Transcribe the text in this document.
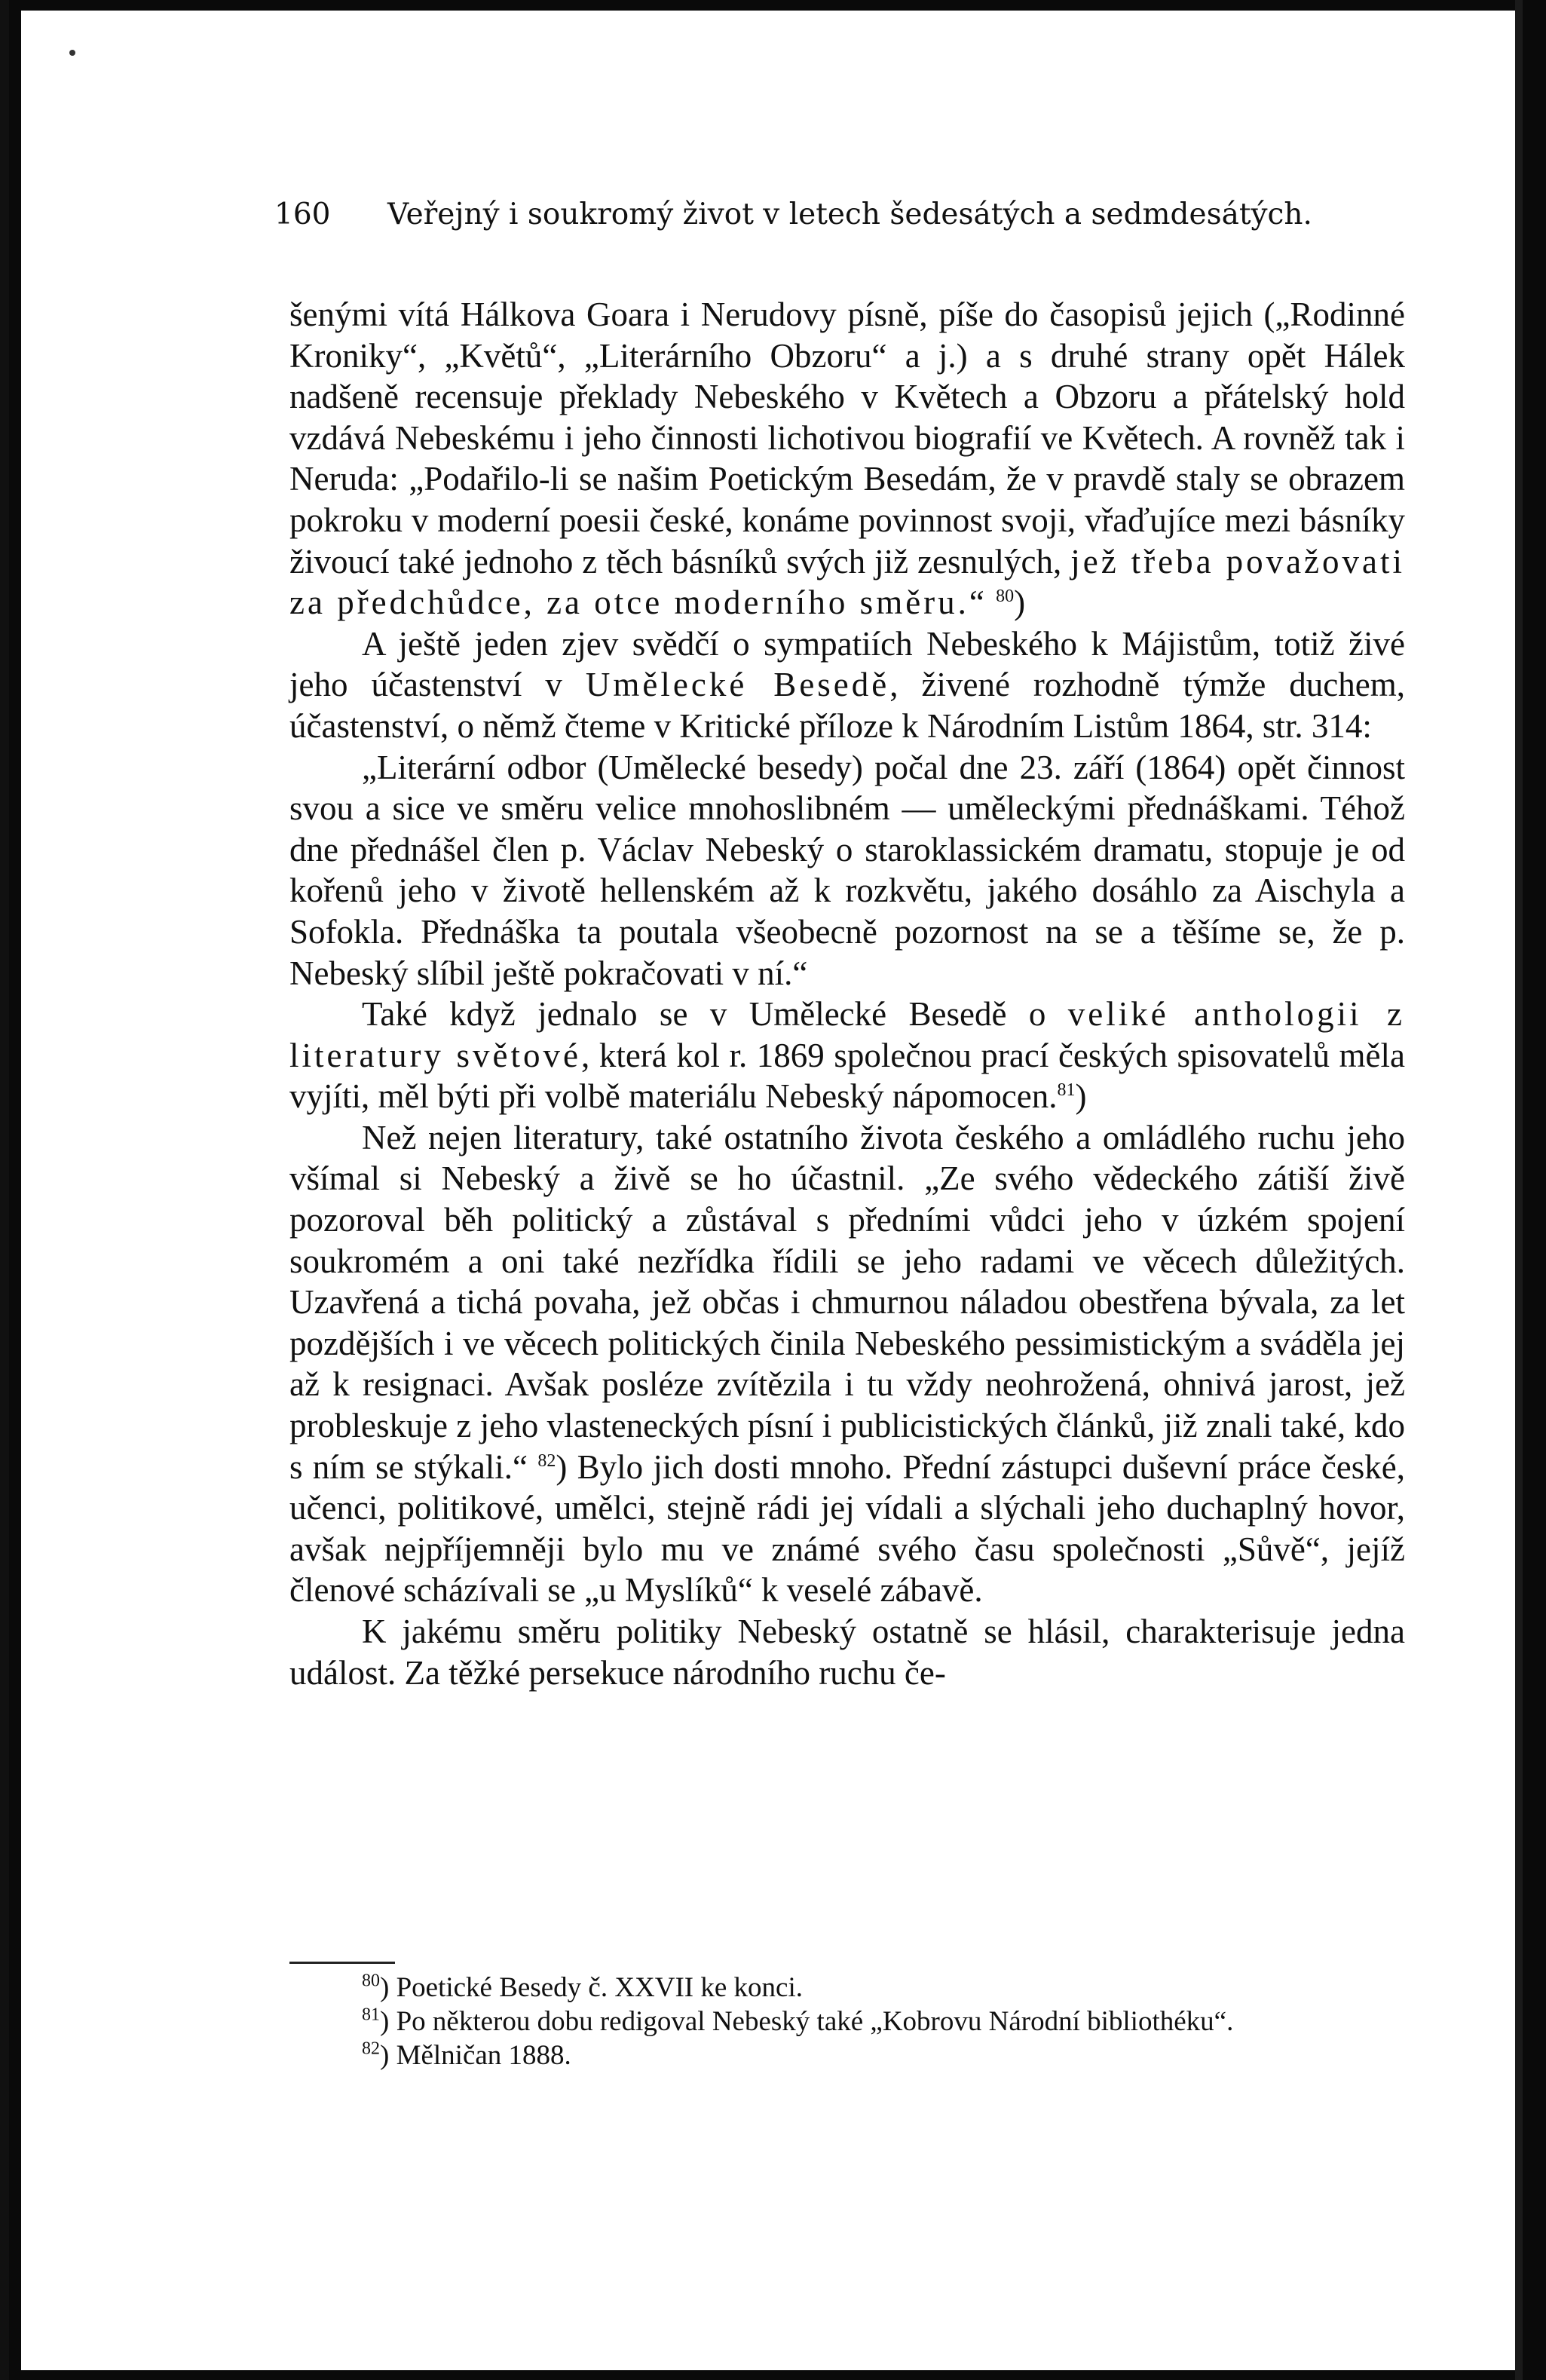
160 Veřejný i soukromý život v letech šedesátých a sedmdesátých.

šenými vítá Hálkova Goara i Nerudovy písně, píše do časopisů jejich („Rodinné Kroniky“, „Květů“, „Literárního Obzoru“ a j.) a s druhé strany opět Hálek nadšeně recensuje překlady Nebeského v Květech a Obzoru a přátelský hold vzdává Nebeskému i jeho činnosti lichotivou biografií ve Květech. A rovněž tak i Neruda: „Podařilo-li se našim Poetickým Besedám, že v pravdě staly se obrazem pokroku v moderní poesii české, konáme povinnost svoji, vřaďujíce mezi básníky živoucí také jednoho z těch básníků svých již zesnulých, jež třeba považovati za předchůdce, za otce moderního směru.“ $^{80}$)

A ještě jeden zjev svědčí o sympatiích Nebeského k Májistům, totiž živé jeho účastenství v Umělecké Besedě, živené rozhodně týmže duchem, účastenství, o němž čteme v Kritické příloze k Národním Listům 1864, str. 314:

„Literární odbor (Umělecké besedy) počal dne 23. září (1864) opět činnost svou a sice ve směru velice mnohoslibném — uměleckými přednáškami. Téhož dne přednášel člen p. Václav Nebeský o staroklassickém dramatu, stopuje je od kořenů jeho v životě hellenském až k rozkvětu, jakého dosáhlo za Aischyla a Sofokla. Přednáška ta poutala všeobecně pozornost na se a těšíme se, že p. Nebeský slíbil ještě pokračovati v ní.“

Také když jednalo se v Umělecké Besedě o veliké anthologii z literatury světové, která kol r. 1869 společnou prací českých spisovatelů měla vyjíti, měl býti při volbě materiálu Nebeský nápomocen.$^{81}$)

Než nejen literatury, také ostatního života českého a omládlého ruchu jeho všímal si Nebeský a živě se ho účastnil. „Ze svého vědeckého zátiší živě pozoroval běh politický a zůstával s předními vůdci jeho v úzkém spojení soukromém a oni také nezřídka řídili se jeho radami ve věcech důležitých. Uzavřená a tichá povaha, jež občas i chmurnou náladou obestřena bývala, za let pozdějších i ve věcech politických činila Nebeského pessimistickým a sváděla jej až k resignaci. Avšak posléze zvítězila i tu vždy neohrožená, ohnivá jarost, jež probleskuje z jeho vlasteneckých písní i publicistických článků, již znali také, kdo s ním se stýkali.“ $^{82}$) Bylo jich dosti mnoho. Přední zástupci duševní práce české, učenci, politikové, umělci, stejně rádi jej vídali a slýchali jeho duchaplný hovor, avšak nejpříjemněji bylo mu ve známé svého času společnosti „Sůvě“, jejíž členové scházívali se „u Myslíků“ k veselé zábavě.

K jakému směru politiky Nebeský ostatně se hlásil, charakterisuje jedna událost. Za těžké persekuce národního ruchu če-

$^{80}$) Poetické Besedy č. XXVII ke konci.

$^{81}$) Po některou dobu redigoval Nebeský také „Kobrovu Národní bibliothéku“.

$^{82}$) Mělničan 1888.
